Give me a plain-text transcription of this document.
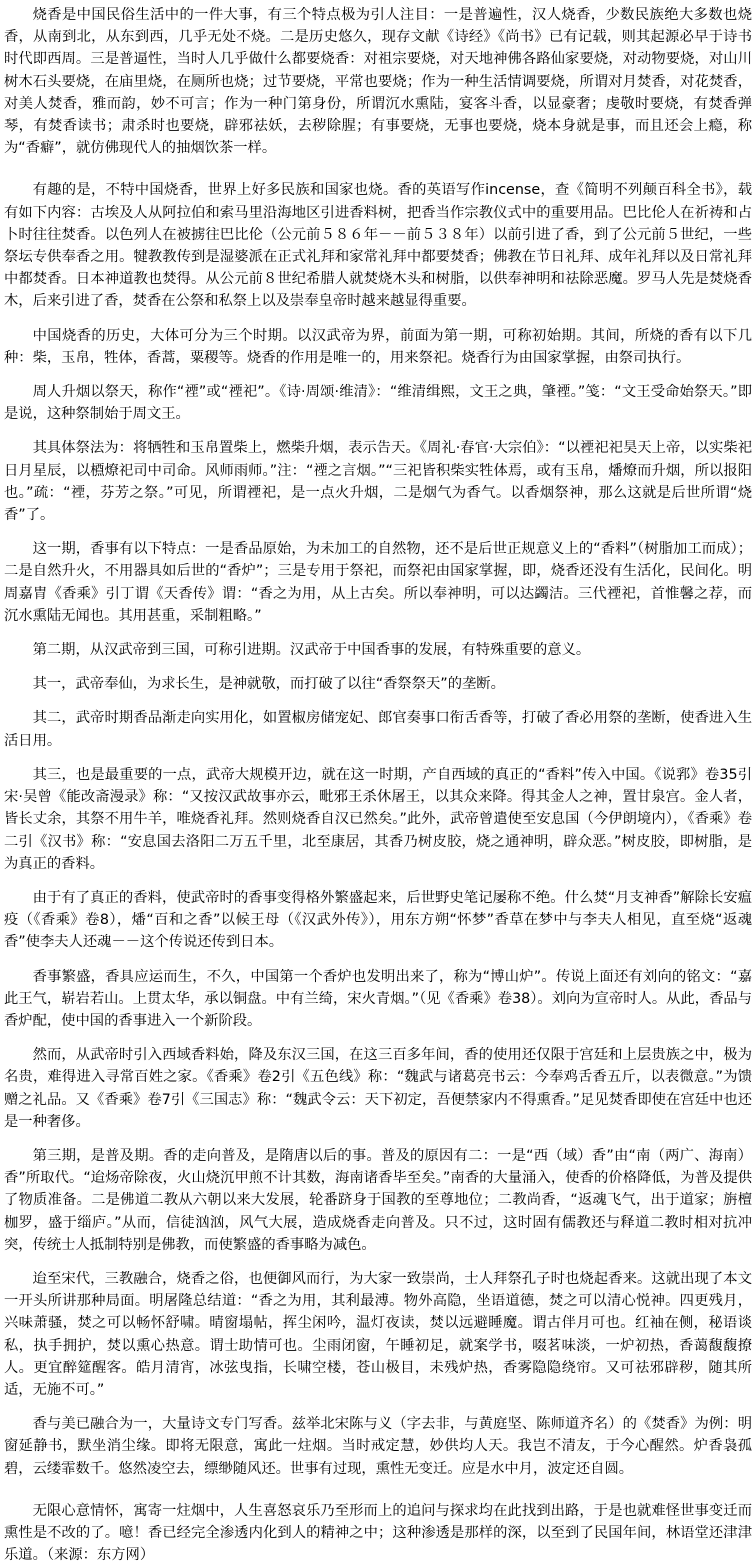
烧香是中国民俗生活中的一件大事，有三个特点极为引人注目：一是普遍性，汉人烧香，少数民族绝大多数也烧香，从南到北，从东到西，几乎无处不烧。二是历史悠久，现存文献《诗经》《尚书》已有记载，则其起源必早于诗书时代即西周。三是普逼性，当时人几乎做什么都要烧香：对祖宗要烧，对天地神佛各路仙家要烧，对动物要烧，对山川树木石头要烧，在庙里烧，在厕所也烧；过节要烧，平常也要烧；作为一种生活情调要烧，所谓对月焚香，对花焚香，对美人焚香，雅而韵，妙不可言；作为一种门第身份，所谓沉水熏陆，宴客斗香，以显豪奢；虔敬时要烧，有焚香弹琴，有焚香读书；肃杀时也要烧，辟邪祛妖，去秽除腥；有事要烧，无事也要烧，烧本身就是事，而且还会上瘾，称为“香癖”，就仿佛现代人的抽烟饮茶一样。

有趣的是，不特中国烧香，世界上好多民族和国家也烧。香的英语写作incense，查《简明不列颠百科全书》，载有如下内容：古埃及人从阿拉伯和索马里沿海地区引进香料树，把香当作宗教仪式中的重要用品。巴比伦人在祈祷和占卜时往往焚香。以色列人在被掳往巴比伦（公元前５８６年－－前５３８年）以前引进了香，到了公元前５世纪，一些祭坛专供奉香之用。犍教教传到是湿婆派在正式礼拜和家常礼拜中都要焚香；佛教在节日礼拜、成年礼拜以及日常礼拜中都焚香。日本神道教也焚得。从公元前８世纪希腊人就焚烧木头和树脂，以供奉神明和祛除恶魔。罗马人先是焚烧香木，后来引进了香，焚香在公祭和私祭上以及崇奉皇帝时越来越显得重要。

中国烧香的历史，大体可分为三个时期。以汉武帝为界，前面为第一期，可称初始期。其间，所烧的香有以下几种：柴，玉帛，牲体，香蒿，粟稷等。烧香的作用是唯一的，用来祭祀。烧香行为由国家掌握，由祭司执行。

周人升烟以祭天，称作“禋”或“禋祀”。《诗·周颂·维清》：“维清缉熙，文王之典，肇禋。”笺：“文王受命始祭天。”即是说，这种祭制始于周文王。

其具体祭法为：将牺牲和玉帛置柴上，燃柴升烟，表示告天。《周礼·春官·大宗伯》：“以禋祀祀昊天上帝，以实柴祀日月星辰，以槱燎祀司中司命。风师雨师。”注：“禋之言烟。”“三祀皆积柴实牲体焉，或有玉帛，燔燎而升烟，所以报阳也。”疏：“禋，芬芳之祭。”可见，所谓禋祀，是一点火升烟，二是烟气为香气。以香烟祭神，那么这就是后世所谓“烧香”了。

这一期，香事有以下特点：一是香品原始，为未加工的自然物，还不是后世正规意义上的“香料”（树脂加工而成）；二是自然升火，不用器具如后世的“香炉”；三是专用于祭祀，而祭祀由国家掌握，即，烧香还没有生活化，民间化。明周嘉胄《香乘》引丁谓《天香传》谓：“香之为用，从上古矣。所以奉神明，可以达蠲洁。三代禋祀，首惟馨之荐，而沉水熏陆无闻也。其用甚重，采制粗略。”

第二期，从汉武帝到三国，可称引进期。汉武帝于中国香事的发展，有特殊重要的意义。

其一，武帝奉仙，为求长生，是神就敬，而打破了以往“香祭祭天”的垄断。

其二，武帝时期香品渐走向实用化，如置椒房储宠妃、郎官奏事口衔舌香等，打破了香必用祭的垄断，使香进入生活日用。

其三，也是最重要的一点，武帝大规模开边，就在这一时期，产自西域的真正的“香料”传入中国。《说郛》卷35引宋·吴曾《能改斋漫录》称：“又按汉武故事亦云，毗邪王杀休屠王，以其众来降。得其金人之神，置甘泉宫。金人者，皆长丈余，其祭不用牛羊，唯烧香礼拜。然则烧香自汉已然矣。”此外，武帝曾遣使至安息国（今伊朗境内），《香乘》卷二引《汉书》称：“安息国去洛阳二万五千里，北至康居，其香乃树皮胶，烧之通神明，辟众恶。”树皮胶，即树脂，是为真正的香料。

由于有了真正的香料，使武帝时的香事变得格外繁盛起来，后世野史笔记屡称不绝。什么焚“月支神香”解除长安瘟疫（《香乘》卷8），燔“百和之香”以候王母（《汉武外传》），用东方朔“怀梦”香草在梦中与李夫人相见，直至烧“返魂香”使李夫人还魂－－这个传说还传到日本。

香事繁盛，香具应运而生，不久，中国第一个香炉也发明出来了，称为“博山炉”。传说上面还有刘向的铭文：“嘉此王气，崭岩若山。上贯太华，承以铜盘。中有兰绮，宋火青烟。”（见《香乘》卷38）。刘向为宣帝时人。从此，香品与香炉配，使中国的香事进入一个新阶段。

然而，从武帝时引入西域香料始，降及东汉三国，在这三百多年间，香的使用还仅限于宫廷和上层贵族之中，极为名贵，难得进入寻常百姓之家。《香乘》卷2引《五色线》称：“魏武与诸葛亮书云：今奉鸡舌香五斤，以表微意。”为馈赠之礼品。又《香乘》卷7引《三国志》称：“魏武令云：天下初定，吾便禁家内不得熏香。”足见焚香即使在宫廷中也还是一种奢侈。

第三期，是普及期。香的走向普及，是隋唐以后的事。普及的原因有二：一是“西（域）香”由“南（两广、海南）香”所取代。“迨炀帝除夜，火山烧沉甲煎不计其数，海南诸香毕至矣。”南香的大量涌入，使香的价格降低，为普及提供了物质准备。二是佛道二教从六朝以来大发展，轮番跻身于国教的至尊地位；二教尚香，“返魂飞气，出于道家；旃檀枷罗，盛于缁庐。”从而，信徒汹汹，风气大展，造成烧香走向普及。只不过，这时固有儒教还与释道二教时相对抗冲突，传统士人抵制特别是佛教，而使繁盛的香事略为减色。

迨至宋代，三教融合，烧香之俗，也便御风而行，为大家一致崇尚，士人拜祭孔子时也烧起香来。这就出现了本文一开头所讲那种局面。明屠隆总结道：“香之为用，其利最溥。物外高隐，坐语道德，焚之可以清心悦神。四更残月，兴味萧骚，焚之可以畅怀舒啸。晴窗塌帖，挥尘闲吟，温灯夜读，焚以远避睡魔。谓古伴月可也。红袖在侧，秘语谈私，执手拥护，焚以熏心热意。谓士助情可也。尘雨闭窗，午睡初足，就案学书，啜茗味淡，一炉初热，香蔼馥馥撩人。更宜醉筵醒客。皓月清宵，冰弦曳指，长啸空楼，苍山极目，未残炉热，香雾隐隐绕帘。又可祛邪辟秽，随其所适，无施不可。”

香与美已融合为一，大量诗文专门写香。兹举北宋陈与义（字去非，与黄庭坚、陈师道齐名）的《焚香》为例：明窗延静书，默坐消尘缘。即将无限意，寓此一炷烟。当时戒定慧，妙供均人天。我岂不清友，于今心醒然。炉香袅孤碧，云缕霏数千。悠然凌空去，缥缈随风还。世事有过现，熏性无变迁。应是水中月，波定还自圆。

无限心意情怀，寓寄一炷烟中，人生喜怒哀乐乃至形而上的追问与探求均在此找到出路，于是也就难怪世事变迁而熏性是不改的了。噫！香已经完全渗透内化到人的精神之中；这种渗透是那样的深，以至到了民国年间，林语堂还津津乐道。（来源：东方网）
